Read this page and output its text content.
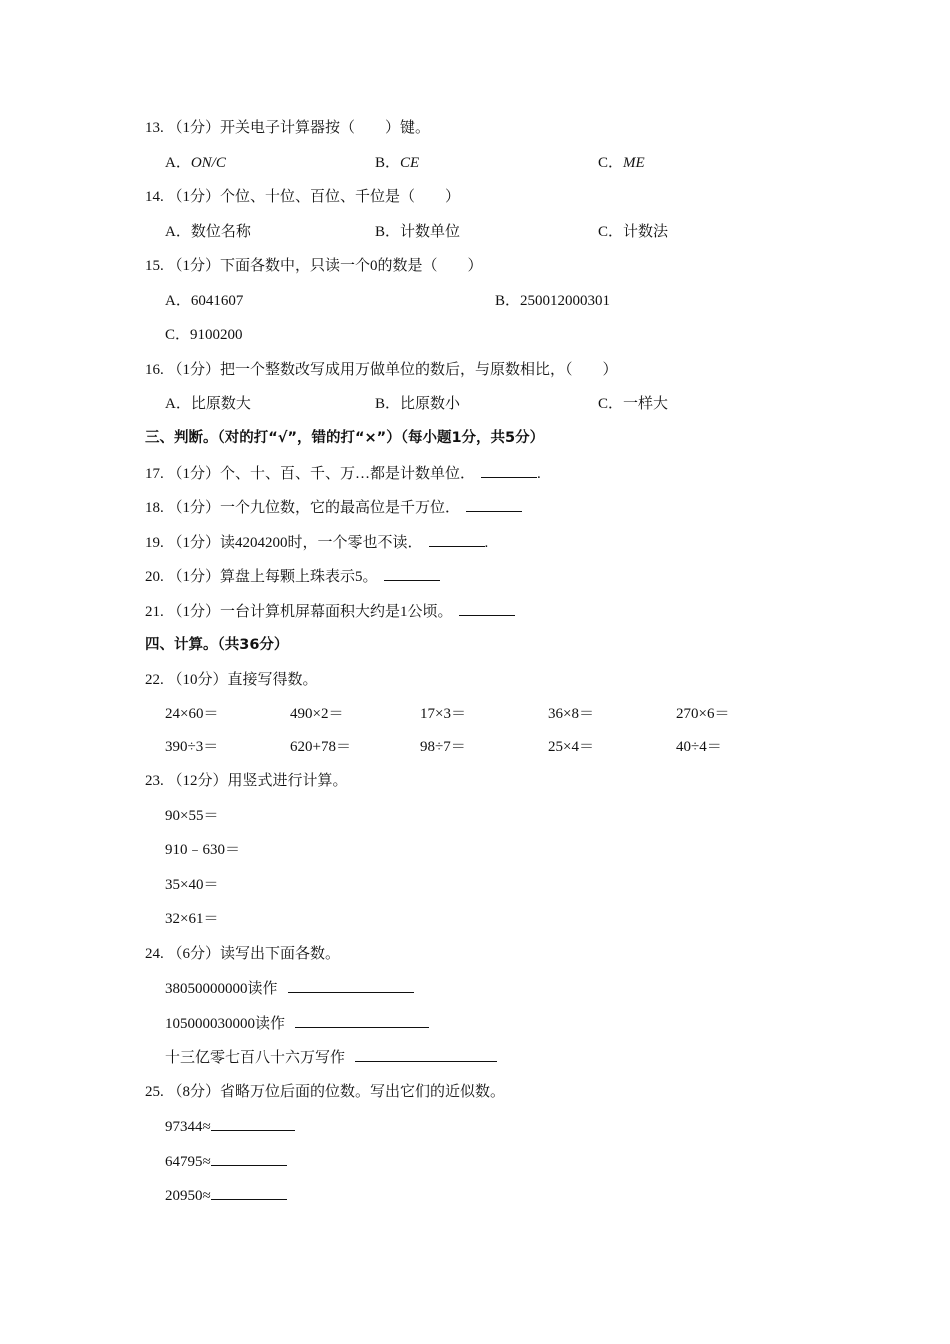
13. （1分）开关电子计算器按（　　）键。
A．ON/C	B．CE	C．ME
14. （1分）个位、十位、百位、千位是（　　）
A．数位名称	B．计数单位	C．计数法
15. （1分）下面各数中，只读一个0的数是（　　）
A．6041607	B．250012000301
C．9100200
16. （1分）把一个整数改写成用万做单位的数后，与原数相比，（　　）
A．比原数大	B．比原数小	C．一样大
三、判断。（对的打“√”，错的打“×”）（每小题1分，共5分）
17. （1分）个、十、百、千、万…都是计数单位．	.
18. （1分）一个九位数，它的最高位是千万位．
19. （1分）读4204200时，一个零也不读．	.
20. （1分）算盘上每颗上珠表示5。
21. （1分）一台计算机屏幕面积大约是1公顷。
四、计算。（共36分）
22. （10分）直接写得数。
24×60＝	490×2＝	17×3＝	36×8＝	270×6＝
390÷3＝	620+78＝	98÷7＝	25×4＝	40÷4＝
23. （12分）用竖式进行计算。
90×55＝
910﹣630＝
35×40＝
32×61＝
24. （6分）读写出下面各数。
38050000000读作
105000030000读作
十三亿零七百八十六万写作
25. （8分）省略万位后面的位数。写出它们的近似数。
97344≈
64795≈
20950≈
